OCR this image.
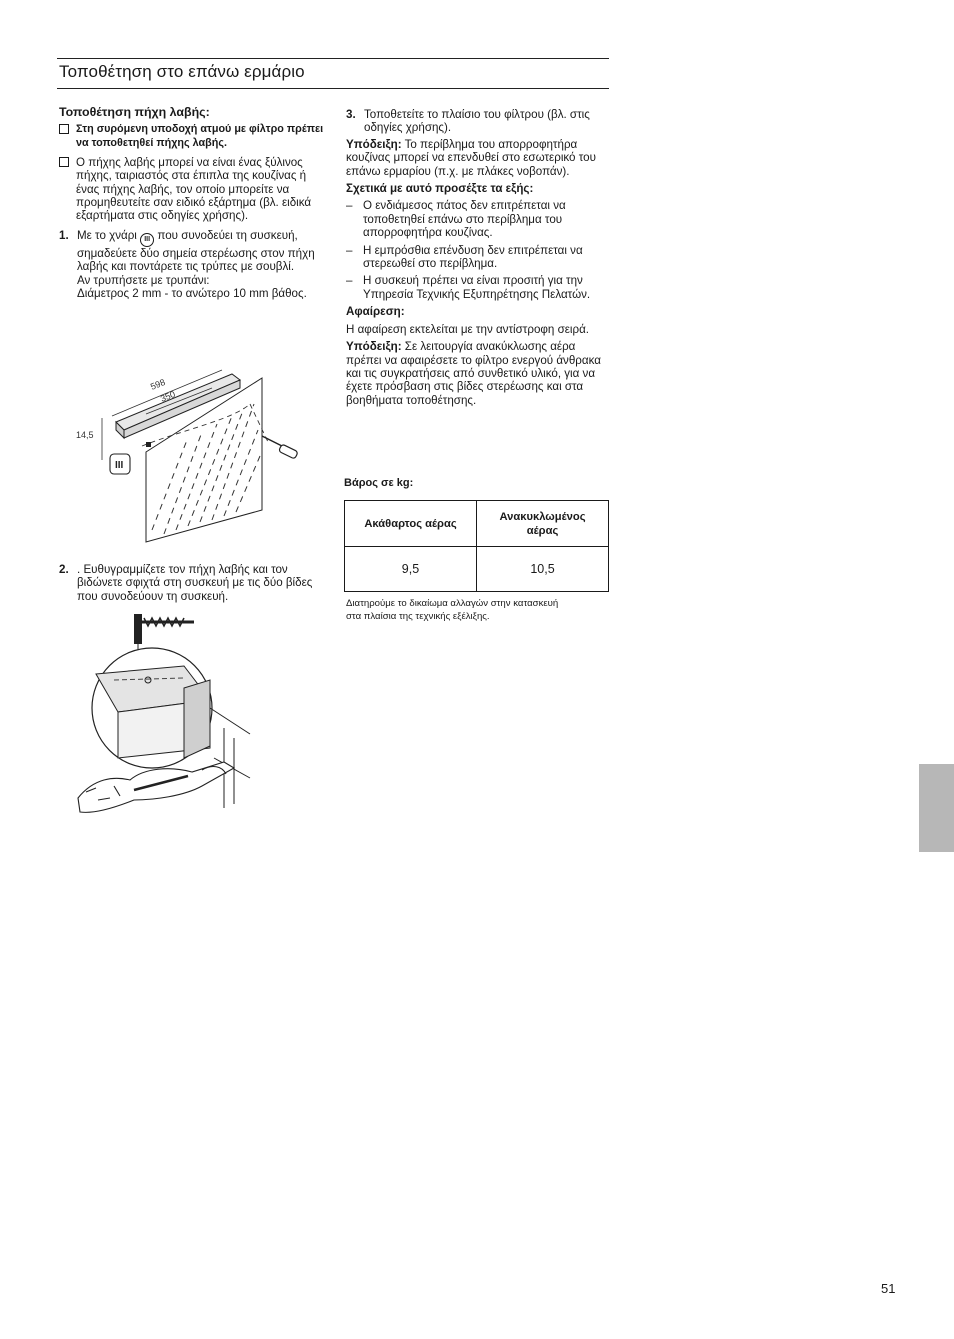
Τοποθέτηση στο επάνω ερμάριο

Τοποθέτηση πήχη λαβής:

Στη συρόμενη υποδοχή ατμού με φίλτρο πρέπει να τοποθετηθεί πήχης λαβής.

Ο πήχης λαβής μπορεί να είναι ένας ξύλινος πήχης, ταιριαστός στα έπιπλα της κουζίνας ή ένας πήχης λαβής, τον οποίο μπορείτε να προμηθευτείτε σαν ειδικό εξάρτημα (βλ. ειδικά εξαρτήματα στις οδηγίες χρήσης).

1. Με το χνάρι III που συνοδεύει τη συσκευή, σημαδεύετε δύο σημεία στερέωσης στον πήχη λαβής και ποντάρετε τις τρύπες με σουβλί.
Αν τρυπήσετε με τρυπάνι:
Διάμετρος 2 mm - το ανώτερο 10 mm βάθος.

598
350
14,5
III

2. . Ευθυγραμμίζετε τον πήχη λαβής και τον βιδώνετε σφιχτά στη συσκευή με τις δύο βίδες που συνοδεύουν τη συσκευή.

3. Τοποθετείτε το πλαίσιο του φίλτρου (βλ. στις οδηγίες χρήσης).

Υπόδειξη: Το περίβλημα του απορροφητήρα κουζίνας μπορεί να επενδυθεί στο εσωτερικό του επάνω ερμαρίου (π.χ. με πλάκες νοβοπάν).

Σχετικά με αυτό προσέξτε τα εξής:

– Ο ενδιάμεσος πάτος δεν επιτρέπεται να τοποθετηθεί επάνω στο περίβλημα του απορροφητήρα κουζίνας.

– Η εμπρόσθια επένδυση δεν επιτρέπεται να στερεωθεί στο περίβλημα.

– Η συσκευή πρέπει να είναι προσιτή για την Υπηρεσία Τεχνικής Εξυπηρέτησης Πελατών.

Αφαίρεση:

Η αφαίρεση εκτελείται με την αντίστροφη σειρά.

Υπόδειξη: Σε λειτουργία ανακύκλωσης αέρα πρέπει να αφαιρέσετε το φίλτρο ενεργού άνθρακα και τις συγκρατήσεις από συνθετικό υλικό, για να έχετε πρόσβαση στις βίδες στερέωσης και στα βοηθήματα τοποθέτησης.

Βάρος σε kg:
Ακάθαρτος αέρας	Ανακυκλωμένος
αέρας
9,5	10,5
Διατηρούμε το δικαίωμα αλλαγών στην κατασκευή
στα πλαίσια της τεχνικής εξέλιξης.
51
